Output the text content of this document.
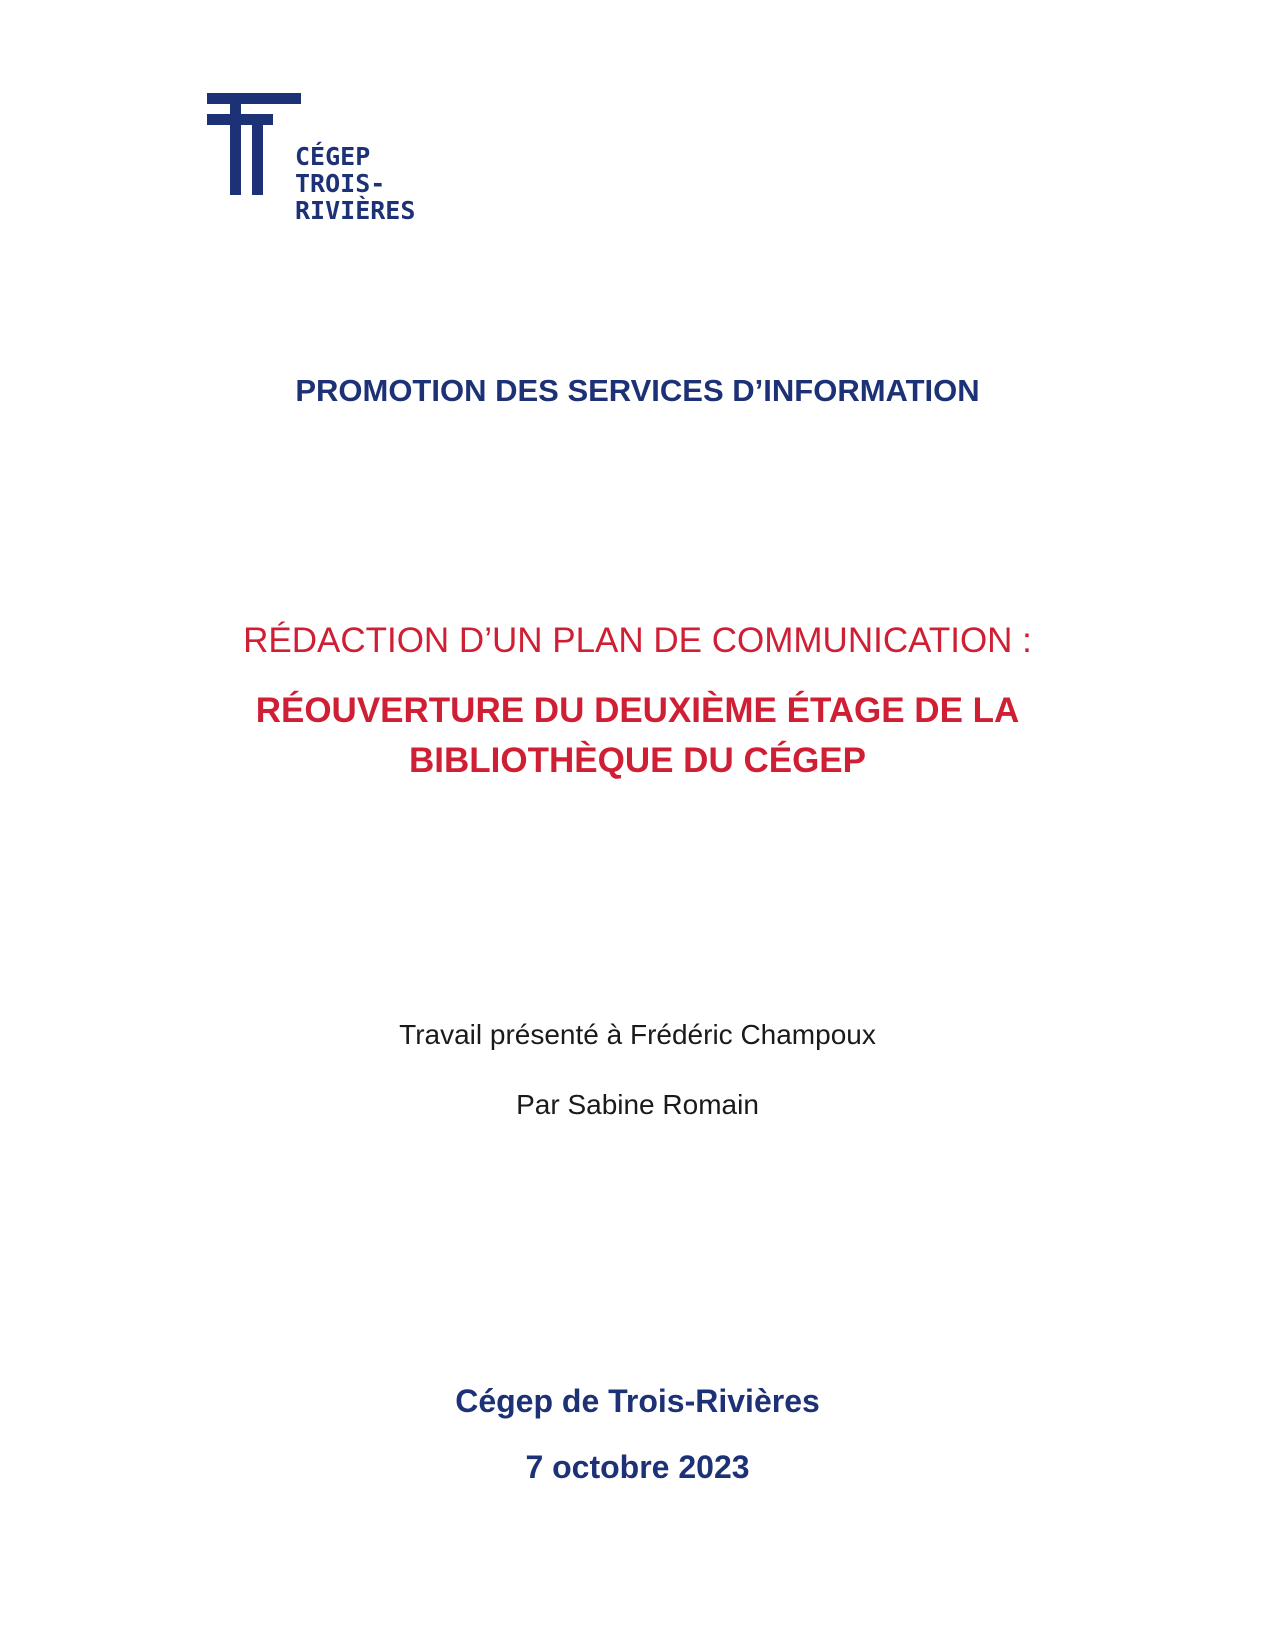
CÉGEP
TROIS-
RIVIÈRES
PROMOTION DES SERVICES D’INFORMATION
RÉDACTION D’UN PLAN DE COMMUNICATION :
RÉOUVERTURE DU DEUXIÈME ÉTAGE DE LA
BIBLIOTHÈQUE DU CÉGEP
Travail présenté à Frédéric Champoux
Par Sabine Romain
Cégep de Trois-Rivières
7 octobre 2023
